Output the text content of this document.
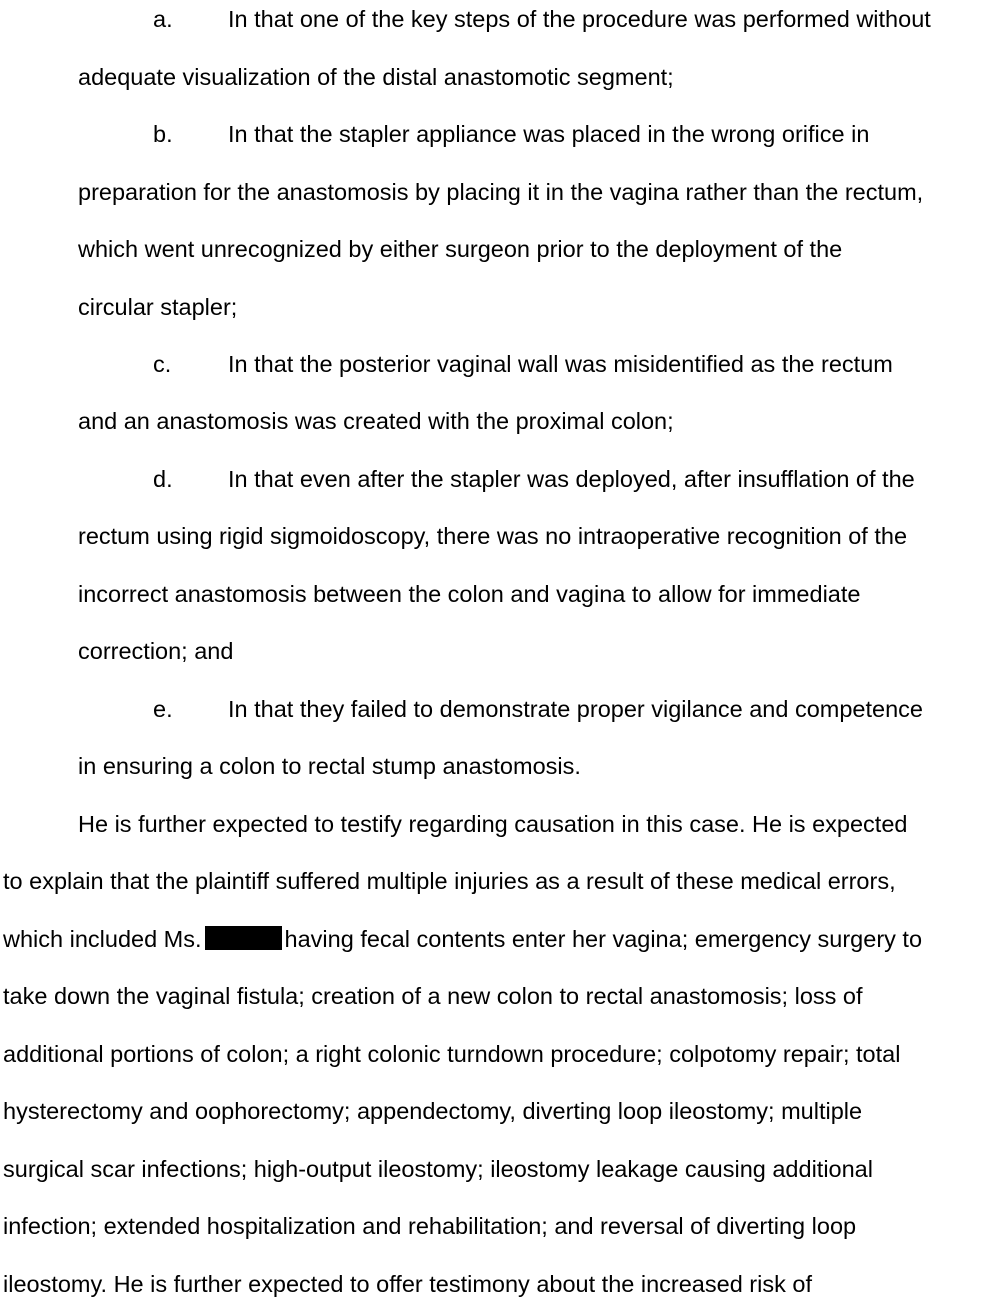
a. In that one of the key steps of the procedure was performed without
adequate visualization of the distal anastomotic segment;
b. In that the stapler appliance was placed in the wrong orifice in
preparation for the anastomosis by placing it in the vagina rather than the rectum,
which went unrecognized by either surgeon prior to the deployment of the
circular stapler;
c. In that the posterior vaginal wall was misidentified as the rectum
and an anastomosis was created with the proximal colon;
d. In that even after the stapler was deployed, after insufflation of the
rectum using rigid sigmoidoscopy, there was no intraoperative recognition of the
incorrect anastomosis between the colon and vagina to allow for immediate
correction; and
e. In that they failed to demonstrate proper vigilance and competence
in ensuring a colon to rectal stump anastomosis.
He is further expected to testify regarding causation in this case. He is expected
to explain that the plaintiff suffered multiple injuries as a result of these medical errors,
which included Ms.	having fecal contents enter her vagina; emergency surgery to
take down the vaginal fistula; creation of a new colon to rectal anastomosis; loss of
additional portions of colon; a right colonic turndown procedure; colpotomy repair; total
hysterectomy and oophorectomy; appendectomy, diverting loop ileostomy; multiple
surgical scar infections; high-output ileostomy; ileostomy leakage causing additional
infection; extended hospitalization and rehabilitation; and reversal of diverting loop
ileostomy. He is further expected to offer testimony about the increased risk of
